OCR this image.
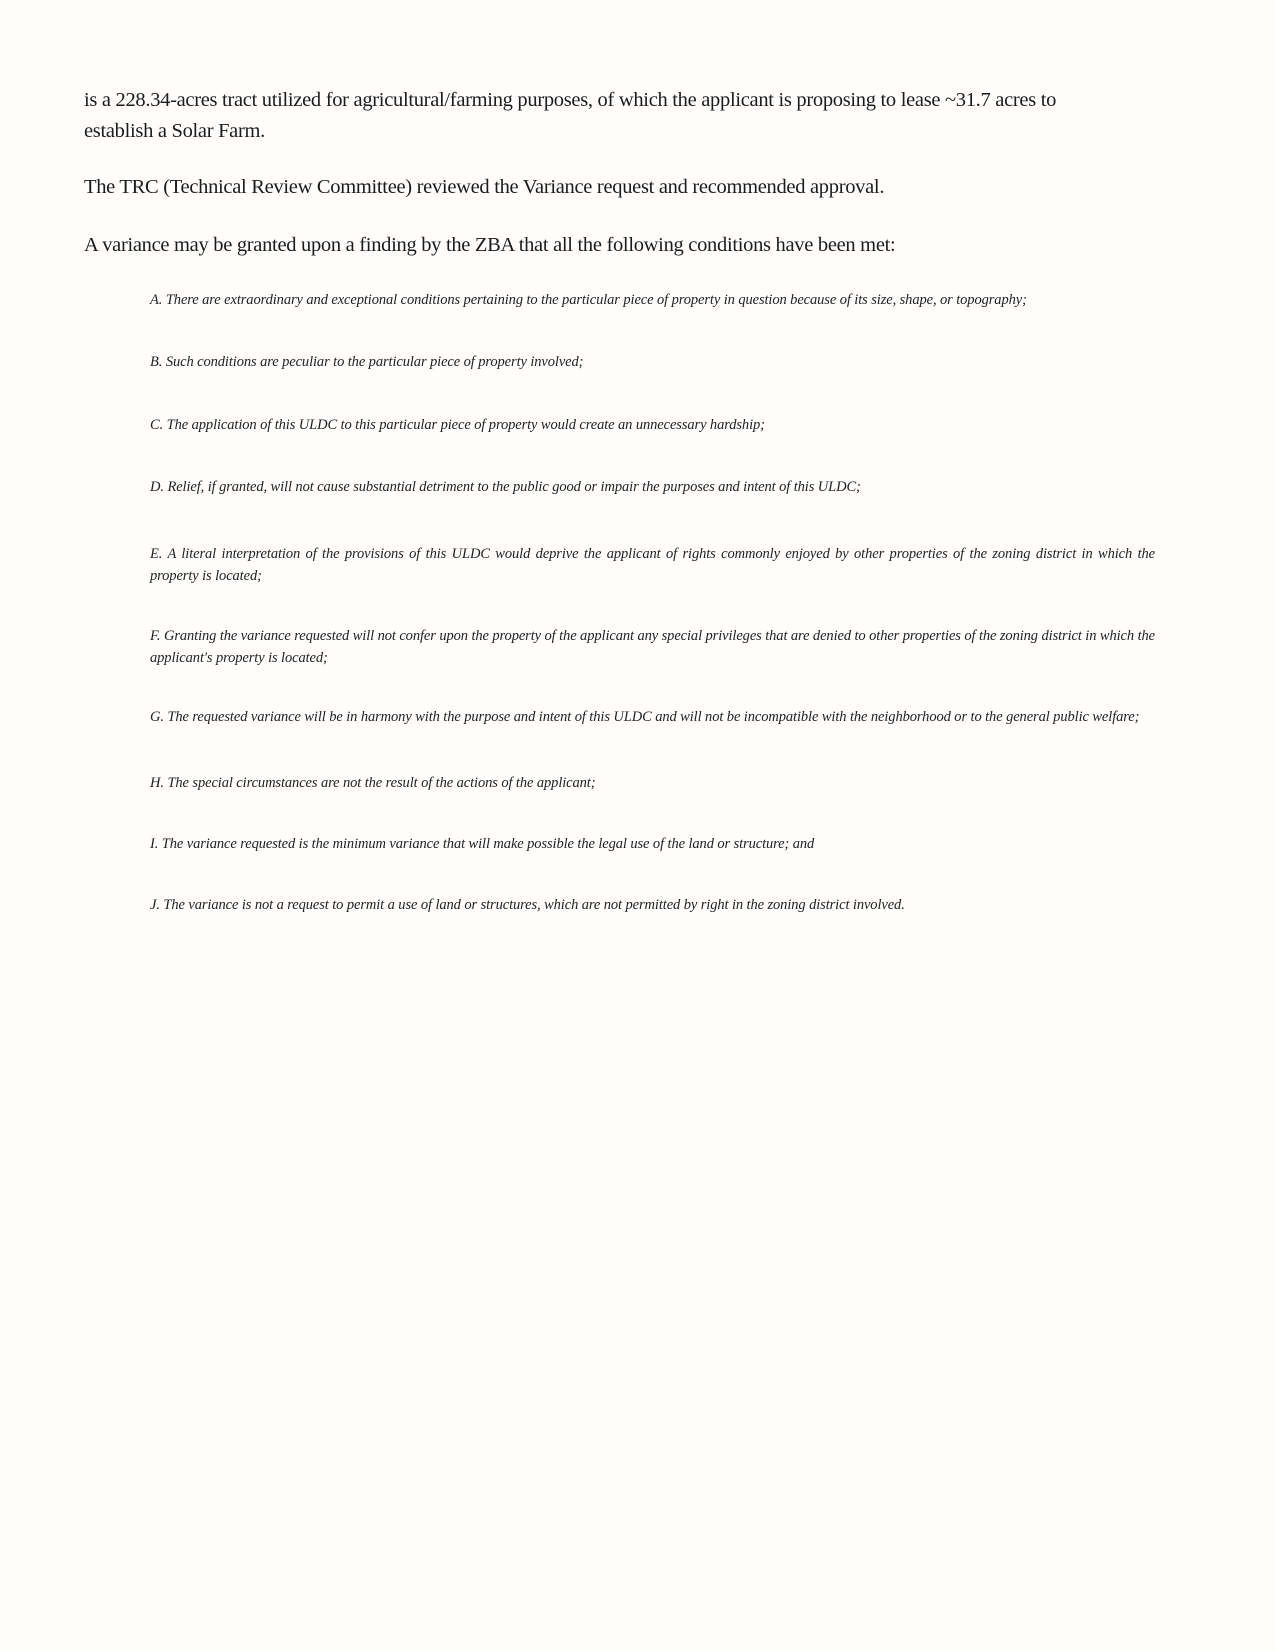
is a 228.34-acres tract utilized for agricultural/farming purposes, of which the applicant is proposing to lease ~31.7 acres to establish a Solar Farm.

The TRC (Technical Review Committee) reviewed the Variance request and recommended approval.

A variance may be granted upon a finding by the ZBA that all the following conditions have been met:

A. There are extraordinary and exceptional conditions pertaining to the particular piece of property in question because of its size, shape, or topography;

B. Such conditions are peculiar to the particular piece of property involved;

C. The application of this ULDC to this particular piece of property would create an unnecessary hardship;

D. Relief, if granted, will not cause substantial detriment to the public good or impair the purposes and intent of this ULDC;

E. A literal interpretation of the provisions of this ULDC would deprive the applicant of rights commonly enjoyed by other properties of the zoning district in which the property is located;

F. Granting the variance requested will not confer upon the property of the applicant any special privileges that are denied to other properties of the zoning district in which the applicant's property is located;

G. The requested variance will be in harmony with the purpose and intent of this ULDC and will not be incompatible with the neighborhood or to the general public welfare;

H. The special circumstances are not the result of the actions of the applicant;

I. The variance requested is the minimum variance that will make possible the legal use of the land or structure; and

J. The variance is not a request to permit a use of land or structures, which are not permitted by right in the zoning district involved.
